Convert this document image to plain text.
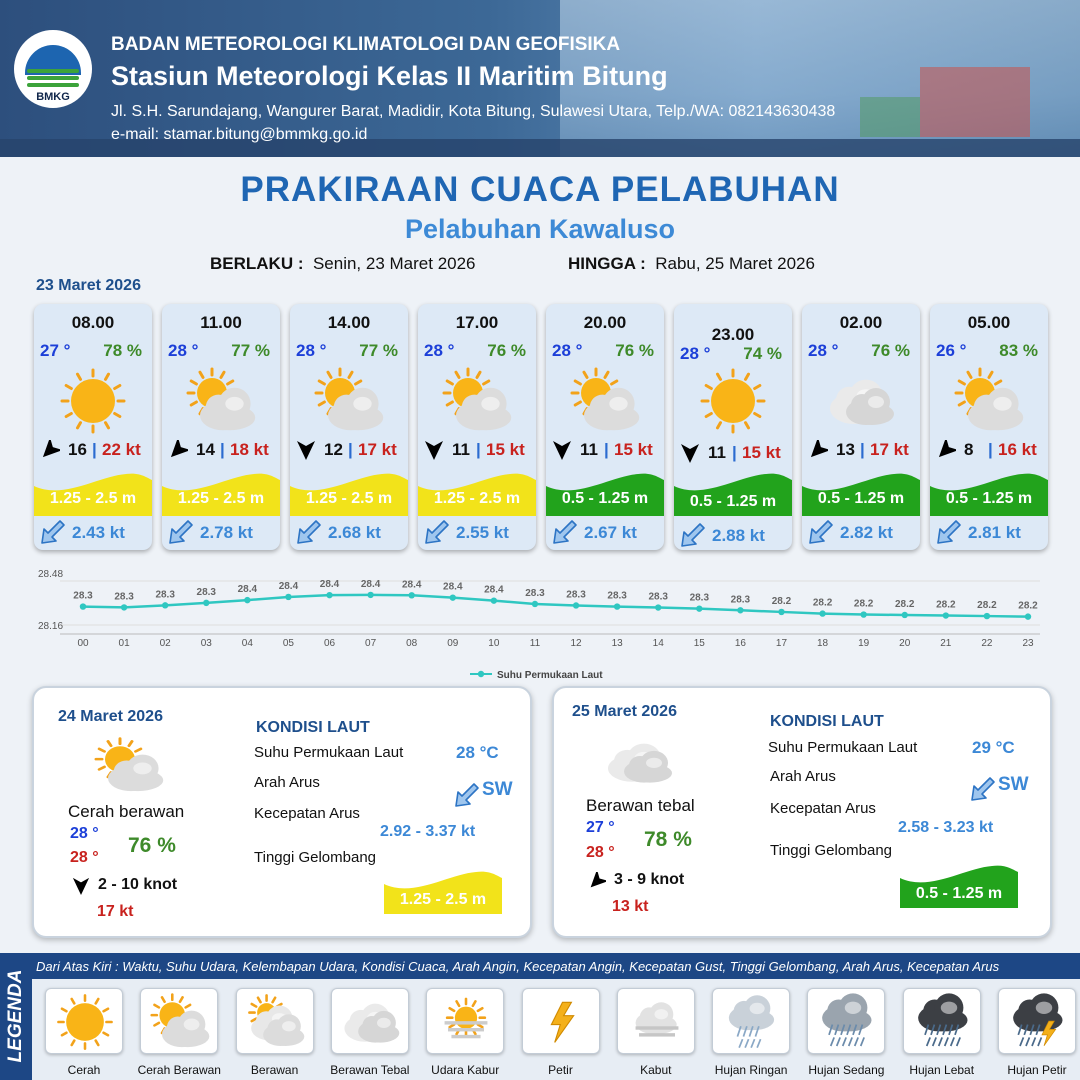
BMKG
BADAN METEOROLOGI KLIMATOLOGI DAN GEOFISIKA
Stasiun Meteorologi Kelas II Maritim Bitung
Jl. S.H. Sarundajang, Wangurer Barat, Madidir, Kota Bitung, Sulawesi Utara, Telp./WA: 082143630438
e-mail: stamar.bitung@bmmkg.go.id
PRAKIRAAN CUACA PELABUHAN
Pelabuhan Kawaluso
BERLAKU : Senin, 23 Maret 2026	HINGGA : Rabu, 25 Maret 2026
23 Maret 2026
08.00
27 ° 78 %
16 | 22 kt
1.25 - 2.5 m
2.43 kt
11.00
28 ° 77 %
14 | 18 kt
1.25 - 2.5 m
2.78 kt
14.00
28 ° 77 %
12 | 17 kt
1.25 - 2.5 m
2.68 kt
17.00
28 ° 76 %
11 | 15 kt
1.25 - 2.5 m
2.55 kt
20.00
28 ° 76 %
11 | 15 kt
0.5 - 1.25 m
2.67 kt
23.00
28 ° 74 %
11 | 15 kt
0.5 - 1.25 m
2.88 kt
02.00
28 ° 76 %
13 | 17 kt
0.5 - 1.25 m
2.82 kt
05.00
26 ° 83 %
8 | 16 kt
0.5 - 1.25 m
2.81 kt
28.48
28.16
28.3
00
28.3
01
28.3
02
28.3
03
28.4
04
28.4
05
28.4
06
28.4
07
28.4
08
28.4
09
28.4
10
28.3
11
28.3
12
28.3
13
28.3
14
28.3
15
28.3
16
28.2
17
28.2
18
28.2
19
28.2
20
28.2
21
28.2
22
28.2
23
Suhu Permukaan Laut
24 Maret 2026
Cerah berawan
28 °
28 °
76 %
2 - 10 knot
17 kt
KONDISI LAUT
Suhu Permukaan Laut	28 °C
Arah Arus	SW
Kecepatan Arus
2.92 - 3.37 kt
Tinggi Gelombang
1.25 - 2.5 m
25 Maret 2026
Berawan tebal
27 °
28 °
78 %
3 - 9 knot
13 kt
KONDISI LAUT
Suhu Permukaan Laut	29 °C
Arah Arus	SW
Kecepatan Arus
2.58 - 3.23 kt
Tinggi Gelombang
0.5 - 1.25 m
LEGENDA
Dari Atas Kiri : Waktu, Suhu Udara, Kelembapan Udara, Kondisi Cuaca, Arah Angin, Kecepatan Angin, Kecepatan Gust, Tinggi Gelombang, Arah Arus, Kecepatan Arus
Cerah	Cerah Berawan	Berawan	Berawan Tebal	Udara Kabur	Petir	Kabut	Hujan Ringan	Hujan Sedang	Hujan Lebat	Hujan Petir
